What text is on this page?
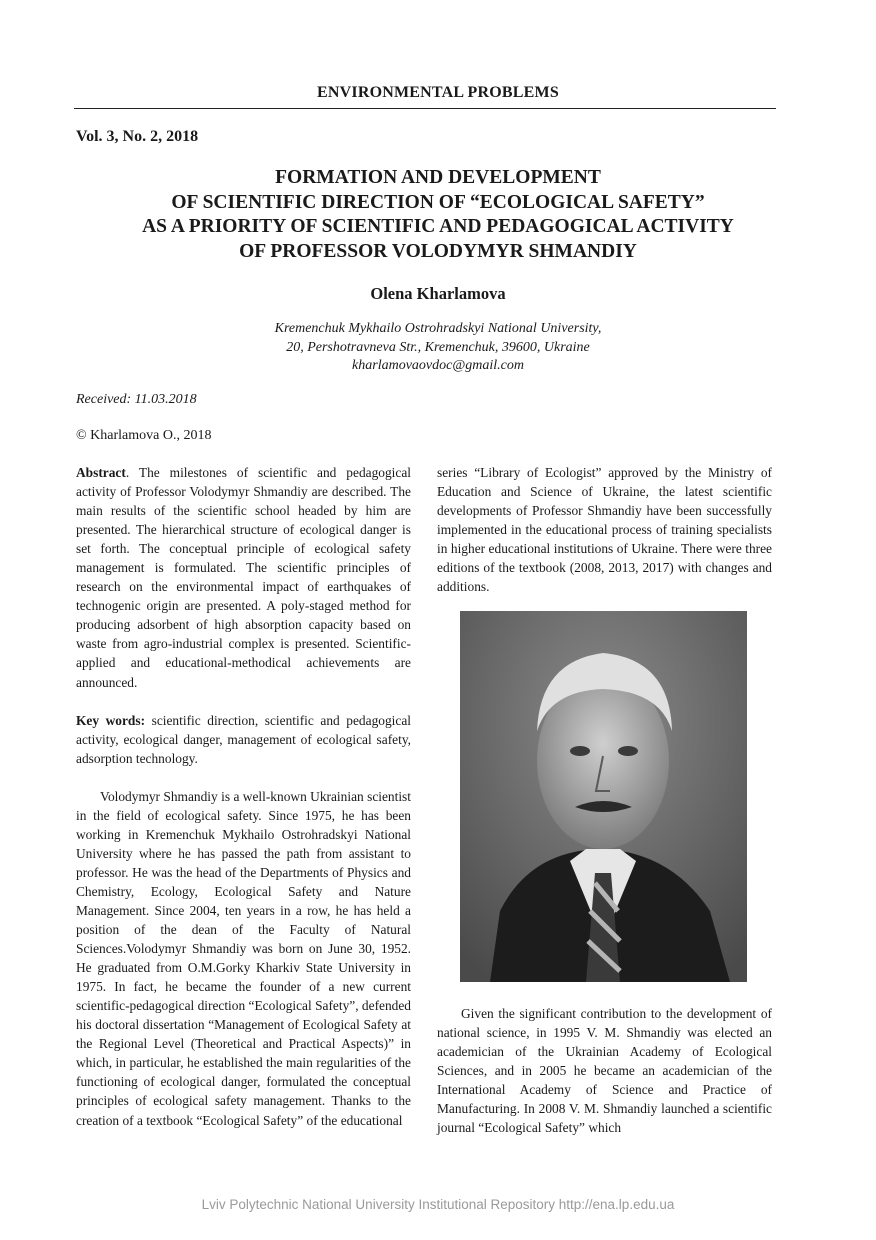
ENVIRONMENTAL PROBLEMS
Vol. 3, No. 2, 2018
FORMATION AND DEVELOPMENT
OF SCIENTIFIC DIRECTION OF “ECOLOGICAL SAFETY”
AS A PRIORITY OF SCIENTIFIC AND PEDAGOGICAL ACTIVITY
OF PROFESSOR VOLODYMYR SHMANDIY
Olena Kharlamova
Kremenchuk Mykhailo Ostrohradskyi National University,
20, Pershotravneva Str., Kremenchuk, 39600, Ukraine
kharlamovaovdoc@gmail.com
Received: 11.03.2018
© Kharlamova O., 2018

Abstract. The milestones of scientific and pedagogical activity of Professor Volodymyr Shmandiy are described. The main results of the scientific school headed by him are presented. The hierarchical structure of ecological danger is set forth. The conceptual principle of ecological safety management is formulated. The scientific principles of research on the environmental impact of earthquakes of technogenic origin are presented. A poly-staged method for producing adsorbent of high absorption capacity based on waste from agro-industrial complex is presented. Scientific-applied and educational-methodical achievements are announced.

Key words: scientific direction, scientific and pedagogical activity, ecological danger, management of ecological safety, adsorption technology.

Volodymyr Shmandiy is a well-known Ukrainian scientist in the field of ecological safety. Since 1975, he has been working in Kremenchuk Mykhailo Ostrohradskyi National University where he has passed the path from assistant to professor. He was the head of the Departments of Physics and Chemistry, Ecology, Ecological Safety and Nature Management. Since 2004, ten years in a row, he has held a position of the dean of the Faculty of Natural Sciences.Volodymyr Shmandiy was born on June 30, 1952. He graduated from O.M.Gorky Kharkiv State University in 1975. In fact, he became the founder of a new current scientific-pedagogical direction “Ecological Safety”, defended his doctoral dissertation “Management of Ecological Safety at the Regional Level (Theoretical and Practical Aspects)” in which, in particular, he established the main regularities of the functioning of ecological danger, formulated the conceptual principles of ecological safety management. Thanks to the creation of a textbook “Ecological Safety” of the educational

series “Library of Ecologist” approved by the Ministry of Education and Science of Ukraine, the latest scientific developments of Professor Shmandiy have been successfully implemented in the educational process of training specialists in higher educational institutions of Ukraine. There were three editions of the textbook (2008, 2013, 2017) with changes and additions.

Given the significant contribution to the development of national science, in 1995 V. M. Shmandiy was elected an academician of the Ukrainian Academy of Ecological Sciences, and in 2005 he became an academician of the International Academy of Science and Practice of Manufacturing. In 2008 V. M. Shmandiy launched a scientific journal “Ecological Safety” which

Lviv Polytechnic National University Institutional Repository http://ena.lp.edu.ua
